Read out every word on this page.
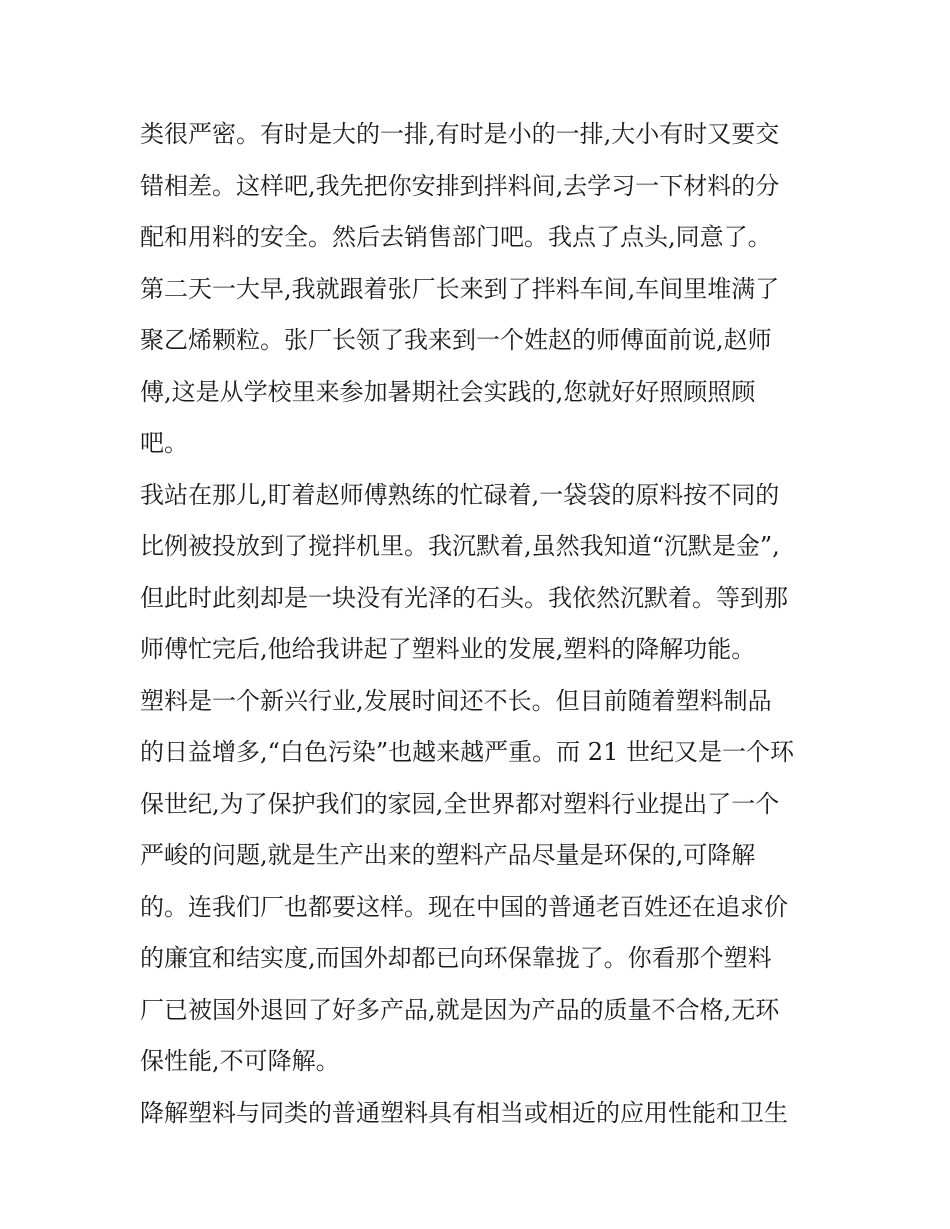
类很严密。有时是大的一排,有时是小的一排,大小有时又要交
错相差。这样吧,我先把你安排到拌料间,去学习一下材料的分
配和用料的安全。然后去销售部门吧。我点了点头,同意了。
第二天一大早,我就跟着张厂长来到了拌料车间,车间里堆满了
聚乙烯颗粒。张厂长领了我来到一个姓赵的师傅面前说,赵师
傅,这是从学校里来参加暑期社会实践的,您就好好照顾照顾
吧。
我站在那儿,盯着赵师傅熟练的忙碌着,一袋袋的原料按不同的
比例被投放到了搅拌机里。我沉默着,虽然我知道“沉默是金”,
但此时此刻却是一块没有光泽的石头。我依然沉默着。等到那
师傅忙完后,他给我讲起了塑料业的发展,塑料的降解功能。
塑料是一个新兴行业,发展时间还不长。但目前随着塑料制品
的日益增多,“白色污染”也越来越严重。而 21 世纪又是一个环
保世纪,为了保护我们的家园,全世界都对塑料行业提出了一个
严峻的问题,就是生产出来的塑料产品尽量是环保的,可降解
的。连我们厂也都要这样。现在中国的普通老百姓还在追求价
的廉宜和结实度,而国外却都已向环保靠拢了。你看那个塑料
厂已被国外退回了好多产品,就是因为产品的质量不合格,无环
保性能,不可降解。
降解塑料与同类的普通塑料具有相当或相近的应用性能和卫生
